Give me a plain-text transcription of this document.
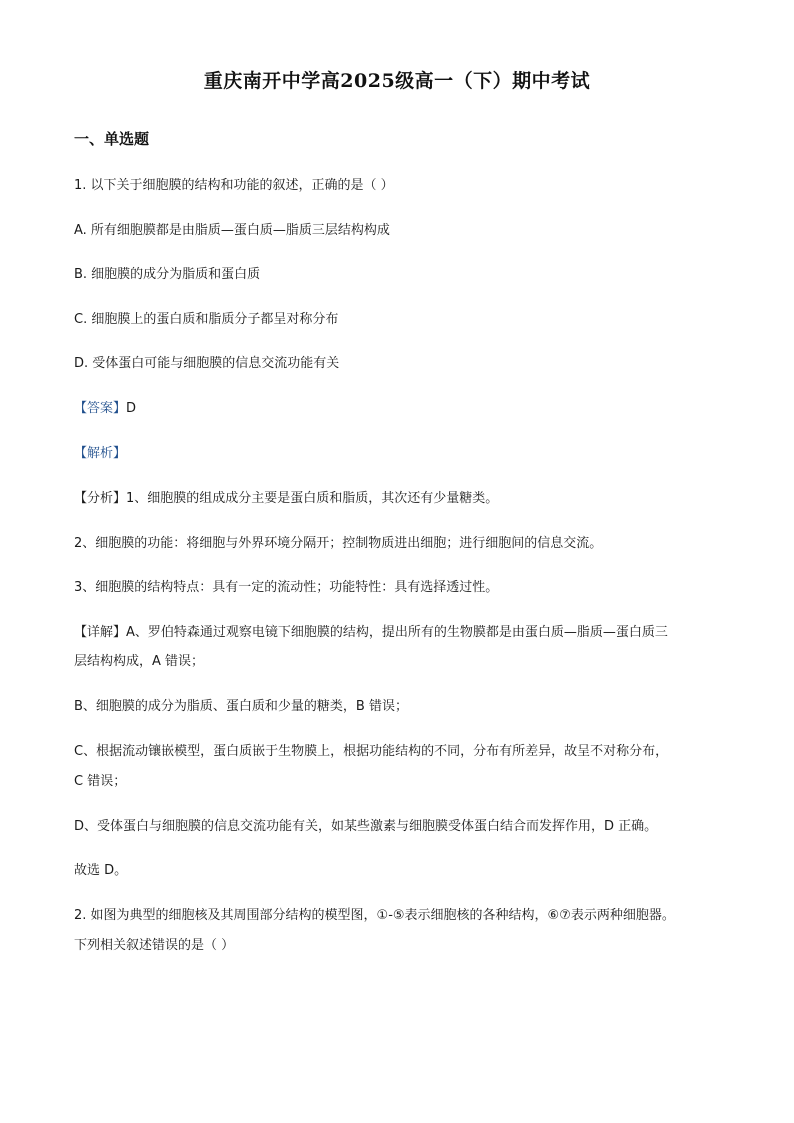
重庆南开中学高2025级高一（下）期中考试
一、单选题
1. 以下关于细胞膜的结构和功能的叙述，正确的是（ ）
A. 所有细胞膜都是由脂质—蛋白质—脂质三层结构构成
B. 细胞膜的成分为脂质和蛋白质
C. 细胞膜上的蛋白质和脂质分子都呈对称分布
D. 受体蛋白可能与细胞膜的信息交流功能有关
【答案】D
【解析】
【分析】1、细胞膜的组成成分主要是蛋白质和脂质，其次还有少量糖类。
2、细胞膜的功能：将细胞与外界环境分隔开；控制物质进出细胞；进行细胞间的信息交流。
3、细胞膜的结构特点：具有一定的流动性；功能特性：具有选择透过性。
【详解】A、罗伯特森通过观察电镜下细胞膜的结构，提出所有的生物膜都是由蛋白质—脂质—蛋白质三
层结构构成，A 错误；
B、细胞膜的成分为脂质、蛋白质和少量的糖类，B 错误；
C、根据流动镶嵌模型，蛋白质嵌于生物膜上，根据功能结构的不同，分布有所差异，故呈不对称分布，
C 错误；
D、受体蛋白与细胞膜的信息交流功能有关，如某些激素与细胞膜受体蛋白结合而发挥作用，D 正确。
故选 D。
2. 如图为典型的细胞核及其周围部分结构的模型图，①-⑤表示细胞核的各种结构，⑥⑦表示两种细胞器。
下列相关叙述错误的是（ ）
